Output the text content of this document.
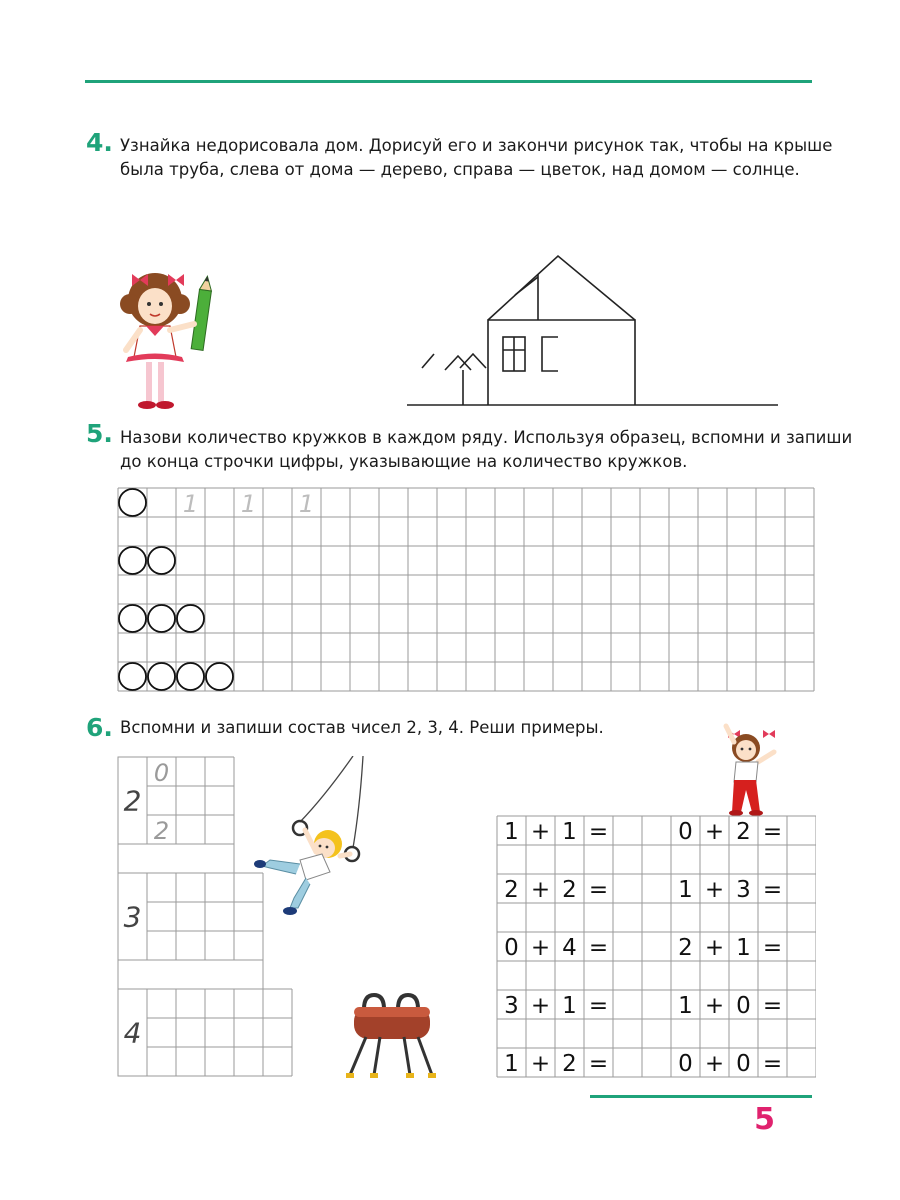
4. Узнайка недорисовала дом. Дорисуй его и закончи рисунок так, чтобы на крыше
была труба, слева от дома — дерево, справа — цветок, над домом — солнце.
5. Назови количество кружков в каждом ряду. Используя образец, вспомни и запиши
до конца строчки цифры, указывающие на количество кружков.
1 1 1
6. Вспомни и запиши состав чисел 2, 3, 4. Реши примеры.
2
0
2
3
4
1 + 1 =
2 + 2 =
0 + 4 =
3 + 1 =
1 + 2 =
0 + 2 =
1 + 3 =
2 + 1 =
1 + 0 =
0 + 0 =
5
